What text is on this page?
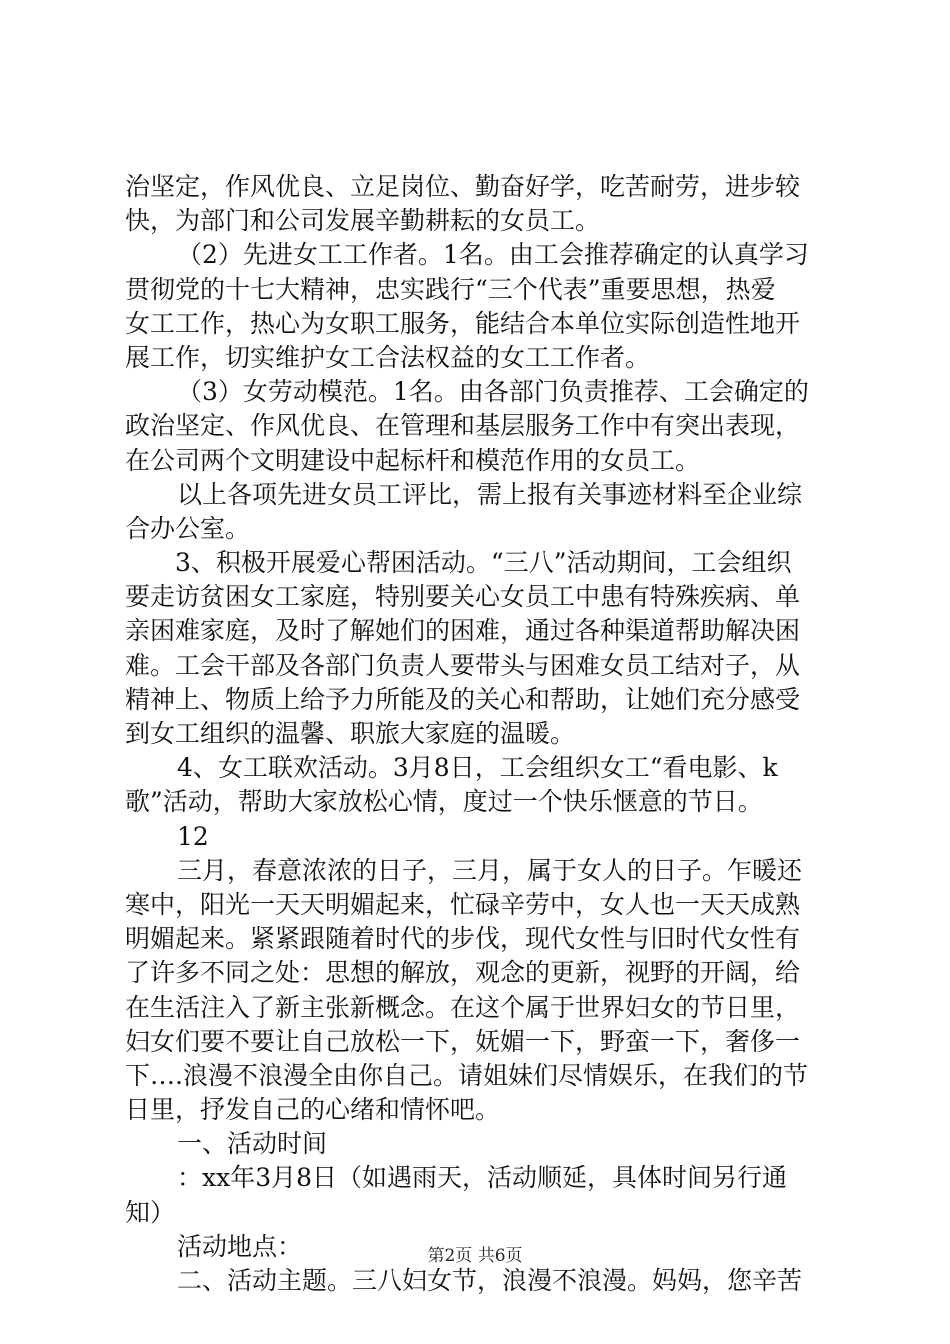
治坚定，作风优良、立足岗位、勤奋好学，吃苦耐劳，进步较
快，为部门和公司发展辛勤耕耘的女员工。
（2）先进女工工作者。1名。由工会推荐确定的认真学习
贯彻党的十七大精神，忠实践行“三个代表”重要思想，热爱
女工工作，热心为女职工服务，能结合本单位实际创造性地开
展工作，切实维护女工合法权益的女工工作者。
（3）女劳动模范。1名。由各部门负责推荐、工会确定的
政治坚定、作风优良、在管理和基层服务工作中有突出表现，
在公司两个文明建设中起标杆和模范作用的女员工。
以上各项先进女员工评比，需上报有关事迹材料至企业综
合办公室。
3、积极开展爱心帮困活动。“三八”活动期间，工会组织
要走访贫困女工家庭，特别要关心女员工中患有特殊疾病、单
亲困难家庭，及时了解她们的困难，通过各种渠道帮助解决困
难。工会干部及各部门负责人要带头与困难女员工结对子，从
精神上、物质上给予力所能及的关心和帮助，让她们充分感受
到女工组织的温馨、职旅大家庭的温暖。
4、女工联欢活动。3月8日，工会组织女工“看电影、k
歌”活动，帮助大家放松心情，度过一个快乐惬意的节日。
12
三月，春意浓浓的日子，三月，属于女人的日子。乍暖还
寒中，阳光一天天明媚起来，忙碌辛劳中，女人也一天天成熟
明媚起来。紧紧跟随着时代的步伐，现代女性与旧时代女性有
了许多不同之处：思想的解放，观念的更新，视野的开阔，给
在生活注入了新主张新概念。在这个属于世界妇女的节日里，
妇女们要不要让自己放松一下，妩媚一下，野蛮一下，奢侈一
下….浪漫不浪漫全由你自己。请姐妹们尽情娱乐，在我们的节
日里，抒发自己的心绪和情怀吧。
一、活动时间
：xx年3月8日（如遇雨天，活动顺延，具体时间另行通
知）
活动地点：
二、活动主题。三八妇女节，浪漫不浪漫。妈妈，您辛苦
第2页 共6页
